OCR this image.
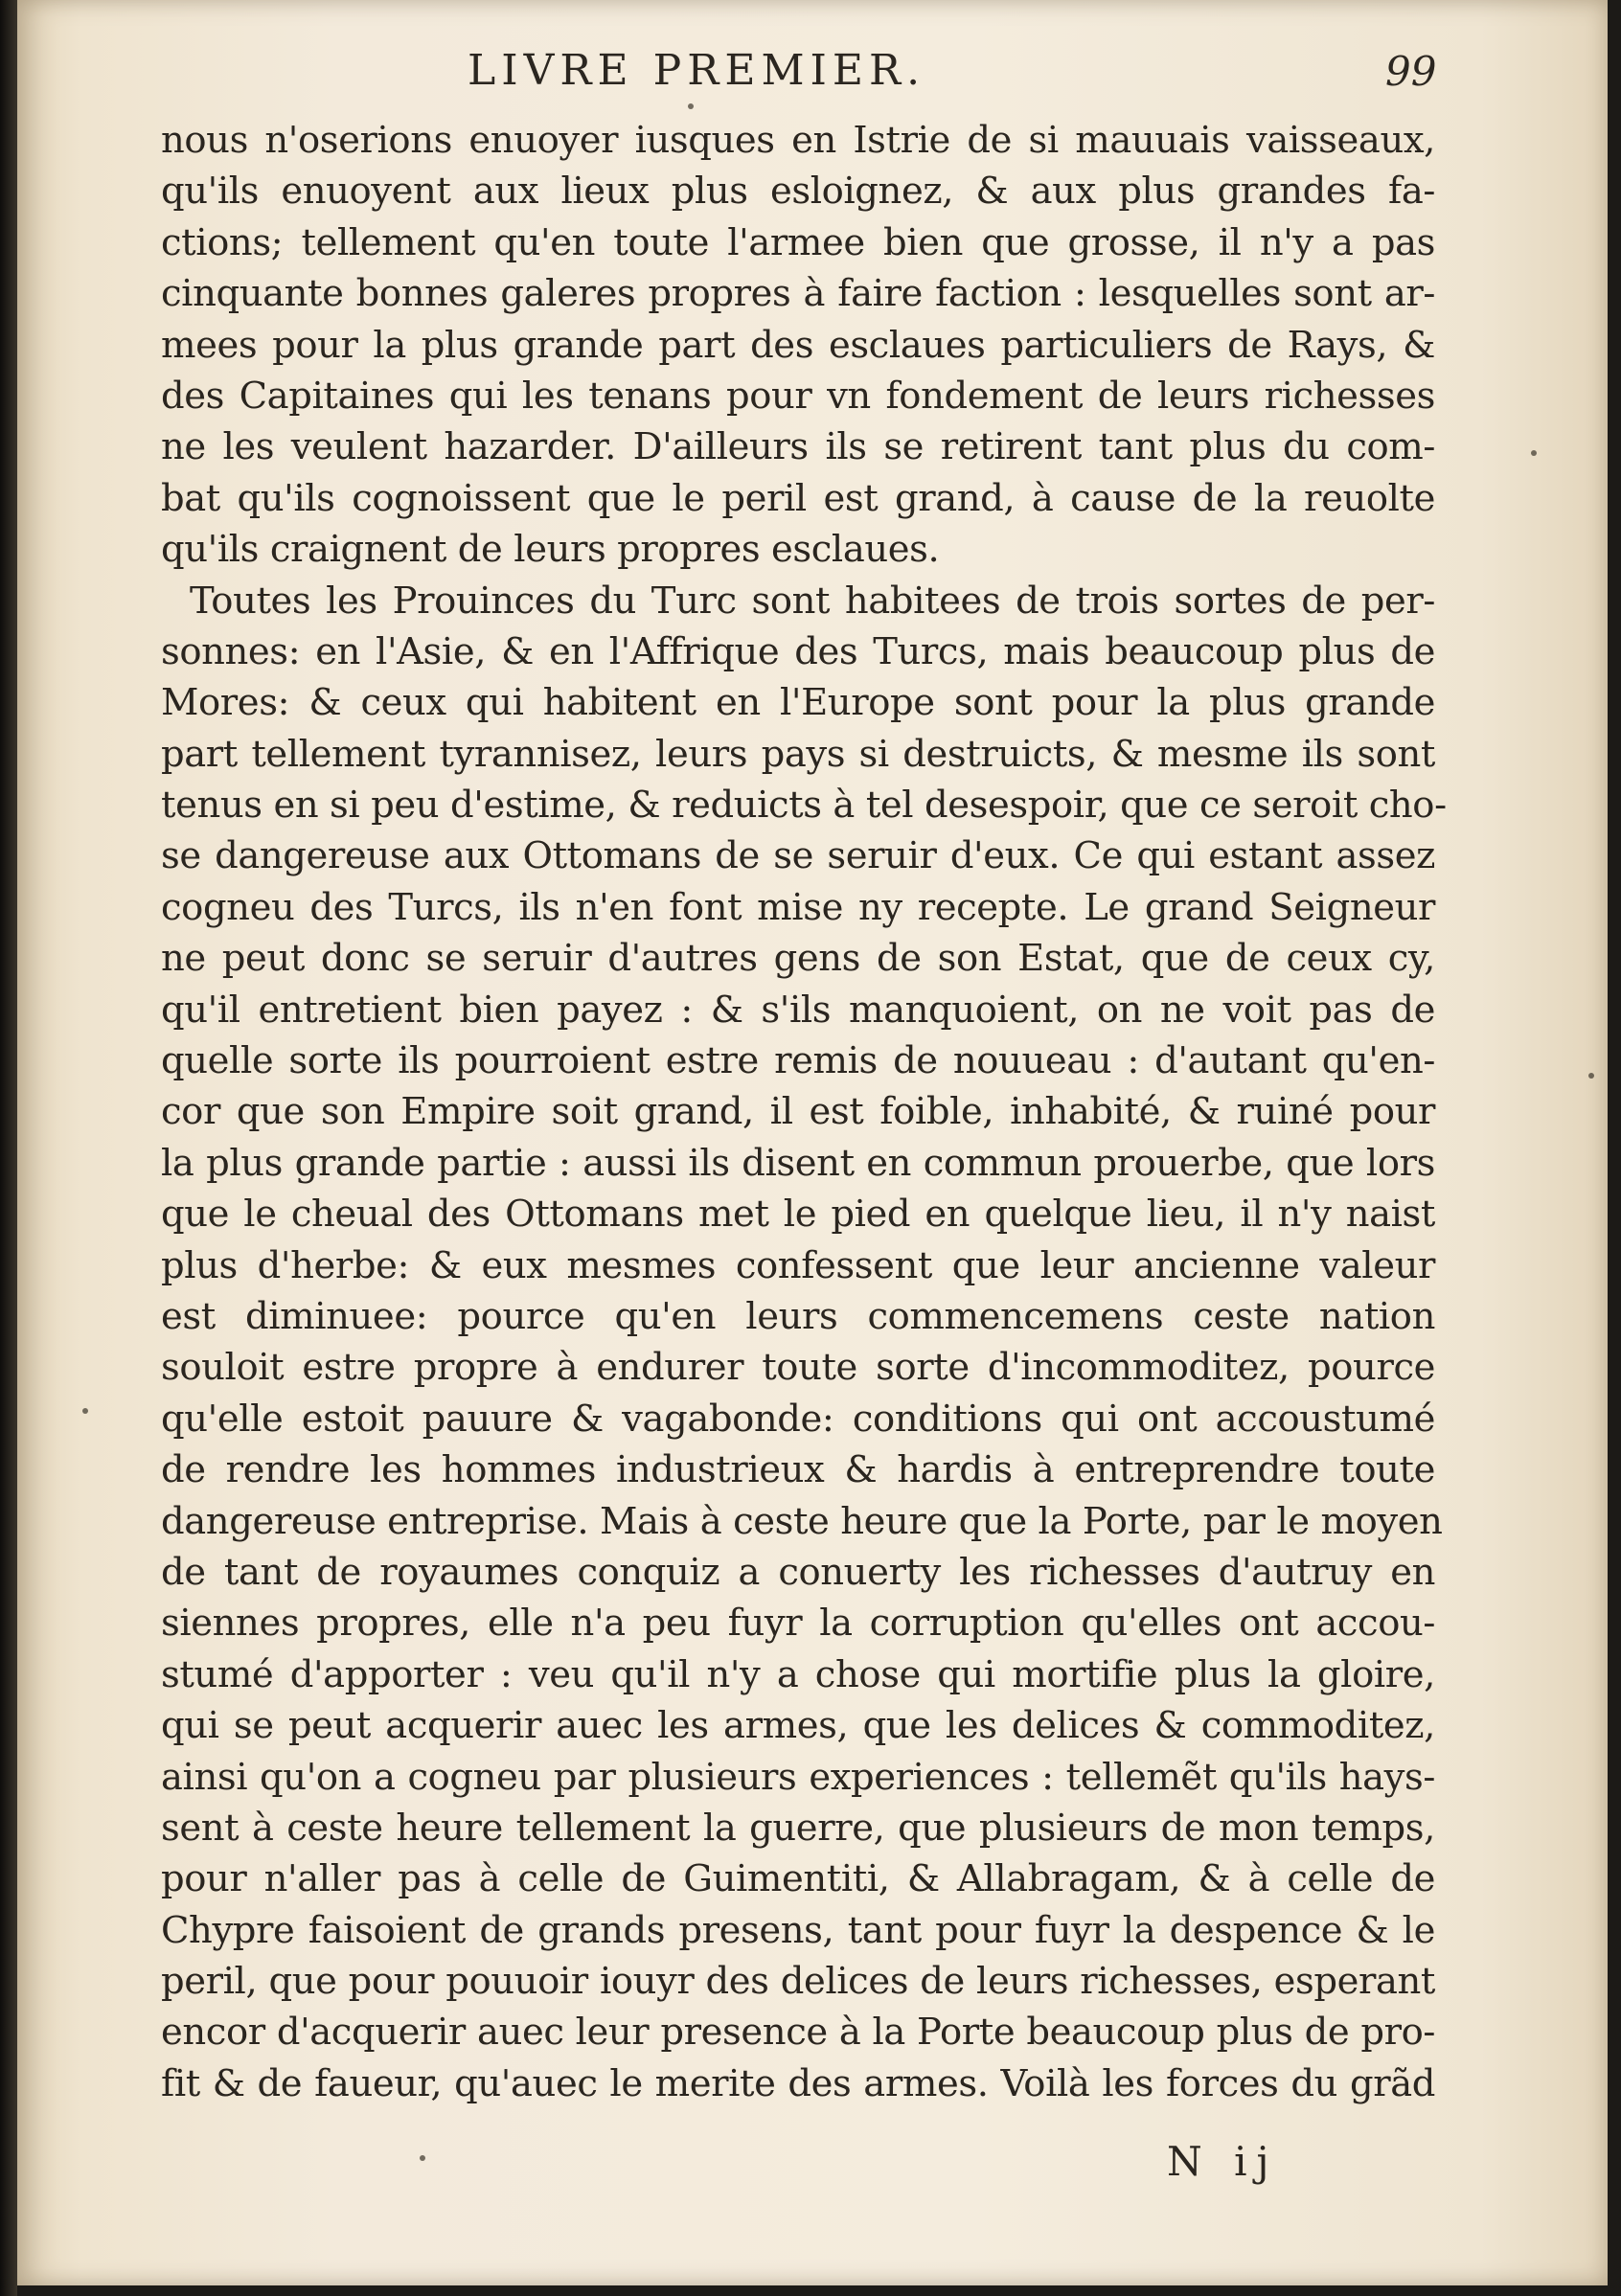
LIVRE PREMIER.	99
nous n'oserions enuoyer iusques en Istrie de si mauuais vaisseaux,
qu'ils enuoyent aux lieux plus esloignez, & aux plus grandes fa-
ctions; tellement qu'en toute l'armee bien que grosse, il n'y a pas
cinquante bonnes galeres propres à faire faction : lesquelles sont ar-
mees pour la plus grande part des esclaues particuliers de Rays, &
des Capitaines qui les tenans pour vn fondement de leurs richesses
ne les veulent hazarder. D'ailleurs ils se retirent tant plus du com-
bat qu'ils cognoissent que le peril est grand, à cause de la reuolte
qu'ils craignent de leurs propres esclaues.
Toutes les Prouinces du Turc sont habitees de trois sortes de per-
sonnes: en l'Asie, & en l'Affrique des Turcs, mais beaucoup plus de
Mores: & ceux qui habitent en l'Europe sont pour la plus grande
part tellement tyrannisez, leurs pays si destruicts, & mesme ils sont
tenus en si peu d'estime, & reduicts à tel desespoir, que ce seroit cho-
se dangereuse aux Ottomans de se seruir d'eux. Ce qui estant assez
cogneu des Turcs, ils n'en font mise ny recepte. Le grand Seigneur
ne peut donc se seruir d'autres gens de son Estat, que de ceux cy,
qu'il entretient bien payez : & s'ils manquoient, on ne voit pas de
quelle sorte ils pourroient estre remis de nouueau : d'autant qu'en-
cor que son Empire soit grand, il est foible, inhabité, & ruiné pour
la plus grande partie : aussi ils disent en commun prouerbe, que lors
que le cheual des Ottomans met le pied en quelque lieu, il n'y naist
plus d'herbe: & eux mesmes confessent que leur ancienne valeur
est diminuee: pource qu'en leurs commencemens ceste nation
souloit estre propre à endurer toute sorte d'incommoditez, pource
qu'elle estoit pauure & vagabonde: conditions qui ont accoustumé
de rendre les hommes industrieux & hardis à entreprendre toute
dangereuse entreprise. Mais à ceste heure que la Porte, par le moyen
de tant de royaumes conquiz a conuerty les richesses d'autruy en
siennes propres, elle n'a peu fuyr la corruption qu'elles ont accou-
stumé d'apporter : veu qu'il n'y a chose qui mortifie plus la gloire,
qui se peut acquerir auec les armes, que les delices & commoditez,
ainsi qu'on a cogneu par plusieurs experiences : tellemẽt qu'ils hays-
sent à ceste heure tellement la guerre, que plusieurs de mon temps,
pour n'aller pas à celle de Guimentiti, & Allabragam, & à celle de
Chypre faisoient de grands presens, tant pour fuyr la despence & le
peril, que pour pouuoir iouyr des delices de leurs richesses, esperant
encor d'acquerir auec leur presence à la Porte beaucoup plus de pro-
fit & de faueur, qu'auec le merite des armes. Voilà les forces du grãd
N ij
